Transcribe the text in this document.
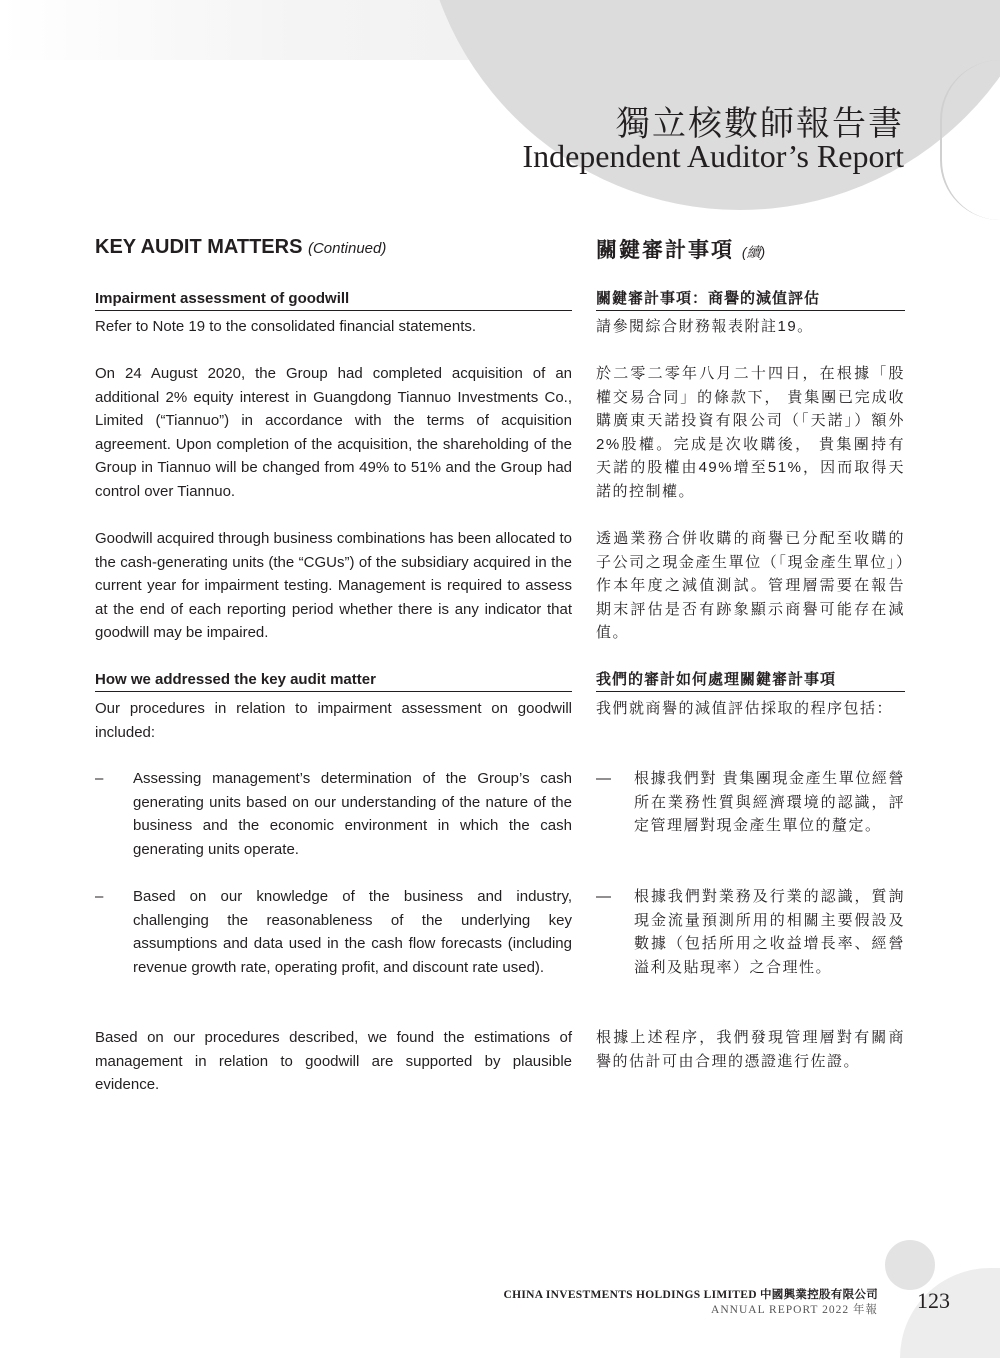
獨立核數師報告書
Independent Auditor’s Report
KEY AUDIT MATTERS (Continued)	關鍵審計事項 (續)
Impairment assessment of goodwill	關鍵審計事項：商譽的減值評估

Refer to Note 19 to the consolidated financial statements.

On 24 August 2020, the Group had completed acquisition of an additional 2% equity interest in Guangdong Tiannuo Investments Co., Limited (“Tiannuo”) in accordance with the terms of acquisition agreement. Upon completion of the acquisition, the shareholding of the Group in Tiannuo will be changed from 49% to 51% and the Group had control over Tiannuo.

Goodwill acquired through business combinations has been allocated to the cash-generating units (the “CGUs”) of the subsidiary acquired in the current year for impairment testing. Management is required to assess at the end of each reporting period whether there is any indicator that goodwill may be impaired.

請參閱綜合財務報表附註19。

於二零二零年八月二十四日，在根據「股權交易合同」的條款下， 貴集團已完成收購廣東天諾投資有限公司（「天諾」）額外2%股權。完成是次收購後， 貴集團持有天諾的股權由49%增至51%，因而取得天諾的控制權。

透過業務合併收購的商譽已分配至收購的子公司之現金產生單位（「現金產生單位」）作本年度之減值測試。管理層需要在報告期末評估是否有跡象顯示商譽可能存在減值。

How we addressed the key audit matter	我們的審計如何處理關鍵審計事項

Our procedures in relation to impairment assessment on goodwill included:

我們就商譽的減值評估採取的程序包括：

– Assessing management’s determination of the Group’s cash generating units based on our understanding of the nature of the business and the economic environment in which the cash generating units operate.

– Based on our knowledge of the business and industry, challenging the reasonableness of the underlying key assumptions and data used in the cash flow forecasts (including revenue growth rate, operating profit, and discount rate used).

— 根據我們對 貴集團現金產生單位經營所在業務性質與經濟環境的認識，評定管理層對現金產生單位的釐定。

— 根據我們對業務及行業的認識，質詢現金流量預測所用的相關主要假設及數據（包括所用之收益增長率、經營溢利及貼現率）之合理性。

Based on our procedures described, we found the estimations of management in relation to goodwill are supported by plausible evidence.

根據上述程序，我們發現管理層對有關商譽的估計可由合理的憑證進行佐證。

CHINA INVESTMENTS HOLDINGS LIMITED 中國興業控股有限公司
ANNUAL REPORT 2022 年報 123
